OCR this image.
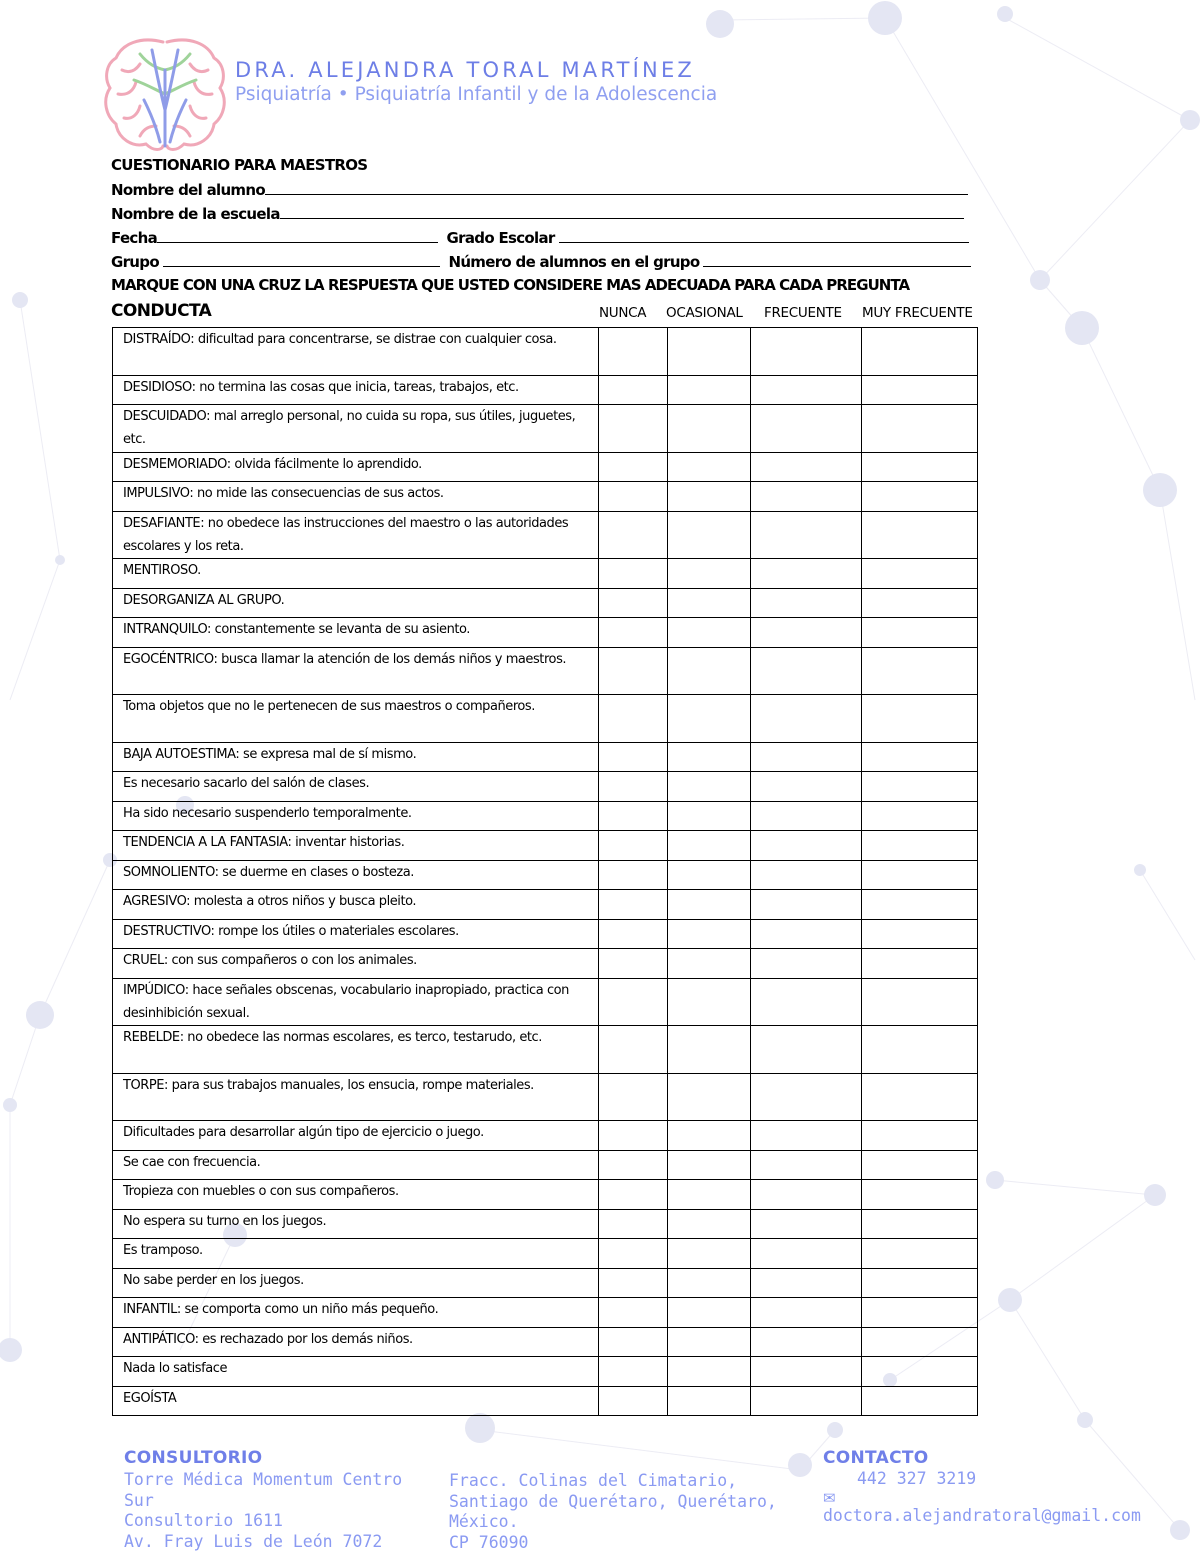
DRA. ALEJANDRA TORAL MARTÍNEZ
Psiquiatría • Psiquiatría Infantil y de la Adolescencia
CUESTIONARIO PARA MAESTROS
Nombre del alumno
Nombre de la escuela
Fecha	Grado Escolar
Grupo	Número de alumnos en el grupo
MARQUE CON UNA CRUZ LA RESPUESTA QUE USTED CONSIDERE MAS ADECUADA PARA CADA PREGUNTA
CONDUCTA	NUNCA OCASIONAL FRECUENTE MUY FRECUENTE
DISTRAÍDO: dificultad para concentrarse, se distrae con cualquier cosa.				
DESIDIOSO: no termina las cosas que inicia, tareas, trabajos, etc.				
DESCUIDADO: mal arreglo personal, no cuida su ropa, sus útiles, juguetes, etc.				
DESMEMORIADO: olvida fácilmente lo aprendido.				
IMPULSIVO: no mide las consecuencias de sus actos.				
DESAFIANTE: no obedece las instrucciones del maestro o las autoridades escolares y los reta.				
MENTIROSO.				
DESORGANIZA AL GRUPO.				
INTRANQUILO: constantemente se levanta de su asiento.				
EGOCÉNTRICO: busca llamar la atención de los demás niños y maestros.				
Toma objetos que no le pertenecen de sus maestros o compañeros.				
BAJA AUTOESTIMA: se expresa mal de sí mismo.				
Es necesario sacarlo del salón de clases.				
Ha sido necesario suspenderlo temporalmente.				
TENDENCIA A LA FANTASIA: inventar historias.				
SOMNOLIENTO: se duerme en clases o bosteza.				
AGRESIVO: molesta a otros niños y busca pleito.				
DESTRUCTIVO: rompe los útiles o materiales escolares.				
CRUEL: con sus compañeros o con los animales.				
IMPÚDICO: hace señales obscenas, vocabulario inapropiado, practica con desinhibición sexual.				
REBELDE: no obedece las normas escolares, es terco, testarudo, etc.				
TORPE: para sus trabajos manuales, los ensucia, rompe materiales.				
Dificultades para desarrollar algún tipo de ejercicio o juego.				
Se cae con frecuencia.				
Tropieza con muebles o con sus compañeros.				
No espera su turno en los juegos.				
Es tramposo.				
No sabe perder en los juegos.				
INFANTIL: se comporta como un niño más pequeño.				
ANTIPÁTICO: es rechazado por los demás niños.				
Nada lo satisface				
EGOÍSTA				
CONSULTORIO
Torre Médica Momentum Centro
Sur
Consultorio 1611
Av. Fray Luis de León 7072
Fracc. Colinas del Cimatario,
Santiago de Querétaro, Querétaro,
México.
CP 76090
CONTACTO
442 327 3219
✉
doctora.alejandratoral@gmail.com
